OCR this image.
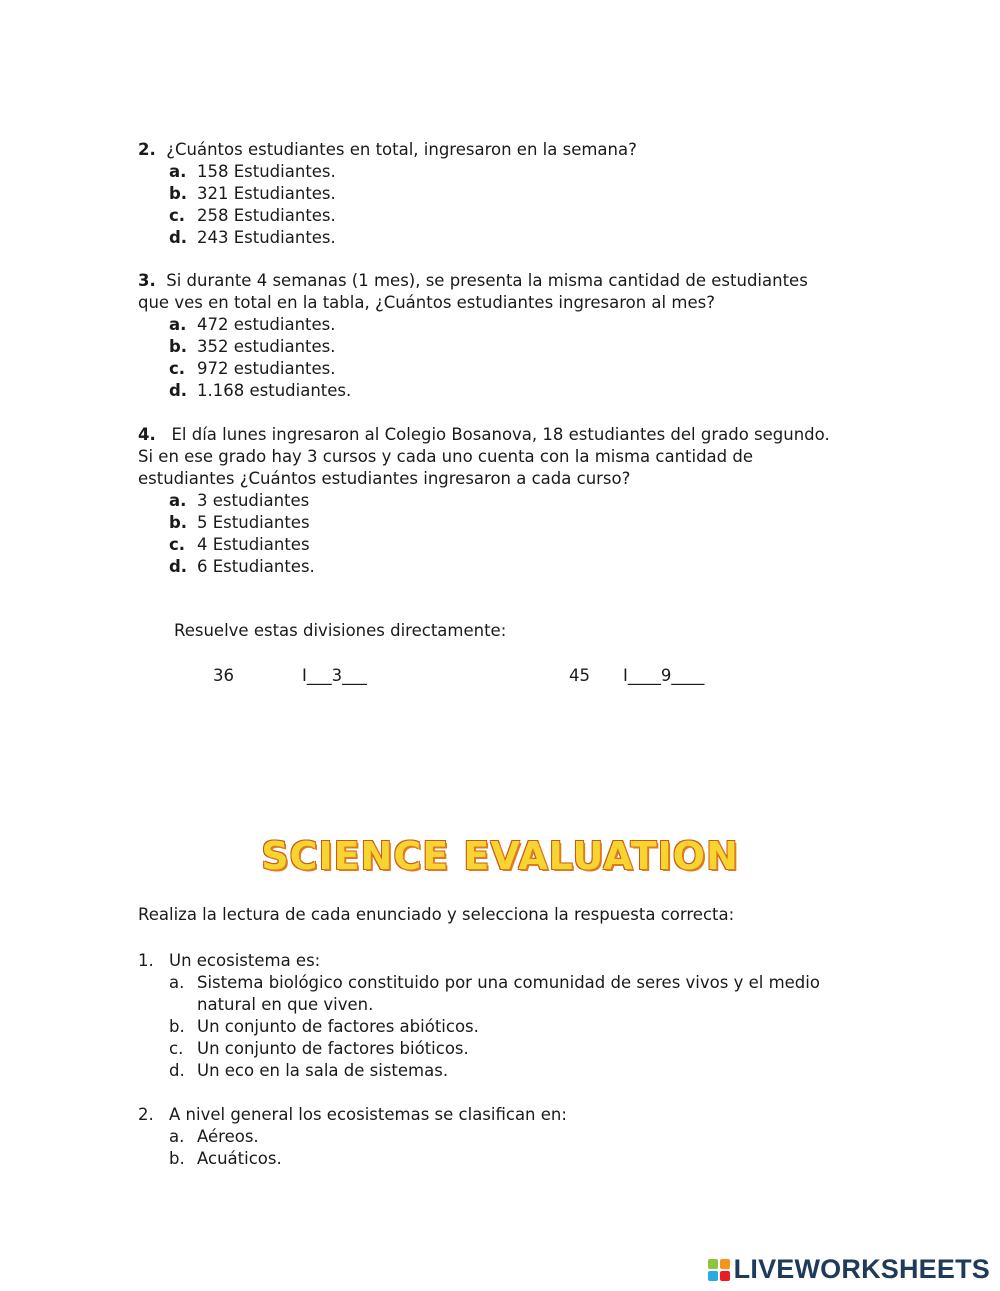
2. ¿Cuántos estudiantes en total, ingresaron en la semana?
a. 158 Estudiantes.
b. 321 Estudiantes.
c. 258 Estudiantes.
d. 243 Estudiantes.
3. Si durante 4 semanas (1 mes), se presenta la misma cantidad de estudiantes
que ves en total en la tabla, ¿Cuántos estudiantes ingresaron al mes?
a. 472 estudiantes.
b. 352 estudiantes.
c. 972 estudiantes.
d. 1.168 estudiantes.
4. El día lunes ingresaron al Colegio Bosanova, 18 estudiantes del grado segundo.
Si en ese grado hay 3 cursos y cada uno cuenta con la misma cantidad de
estudiantes ¿Cuántos estudiantes ingresaron a cada curso?
a. 3 estudiantes
b. 5 Estudiantes
c. 4 Estudiantes
d. 6 Estudiantes.
Resuelve estas divisiones directamente:
36	I___3___	45 I____9____
SCIENCE EVALUATION
Realiza la lectura de cada enunciado y selecciona la respuesta correcta:
1. Un ecosistema es:
a. Sistema biológico constituido por una comunidad de seres vivos y el medio natural en que viven.
b. Un conjunto de factores abióticos.
c. Un conjunto de factores bióticos.
d. Un eco en la sala de sistemas.
2. A nivel general los ecosistemas se clasifican en:
a. Aéreos.
b. Acuáticos.
LIVEWORKSHEETS
